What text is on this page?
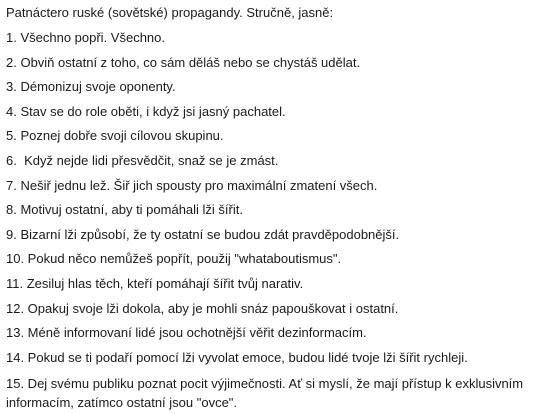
Patnáctero ruské (sovětské) propagandy. Stručně, jasně:
1. Všechno popři. Všechno.
2. Obviň ostatní z toho, co sám děláš nebo se chystáš udělat.
3. Démonizuj svoje oponenty.
4. Stav se do role oběti, i když jsi jasný pachatel.
5. Poznej dobře svoji cílovou skupinu.
6.  Když nejde lidi přesvědčit, snaž se je zmást.
7. Nešiř jednu lež. Šiř jich spousty pro maximální zmatení všech.
8. Motivuj ostatní, aby ti pomáhali lži šířit.
9. Bizarní lži způsobí, že ty ostatní se budou zdát pravděpodobnější.
10. Pokud něco nemůžeš popřít, použij "whataboutismus".
11. Zesiluj hlas těch, kteří pomáhají šířit tvůj narativ.
12. Opakuj svoje lži dokola, aby je mohli snáz papouškovat i ostatní.
13. Méně informovaní lidé jsou ochotnější věřit dezinformacím.
14. Pokud se ti podaří pomocí lži vyvolat emoce, budou lidé tvoje lži šířit rychleji.
15. Dej svému publiku poznat pocit výjimečnosti. Ať si myslí, že mají přístup k exklusivním informacím, zatímco ostatní jsou "ovce".
